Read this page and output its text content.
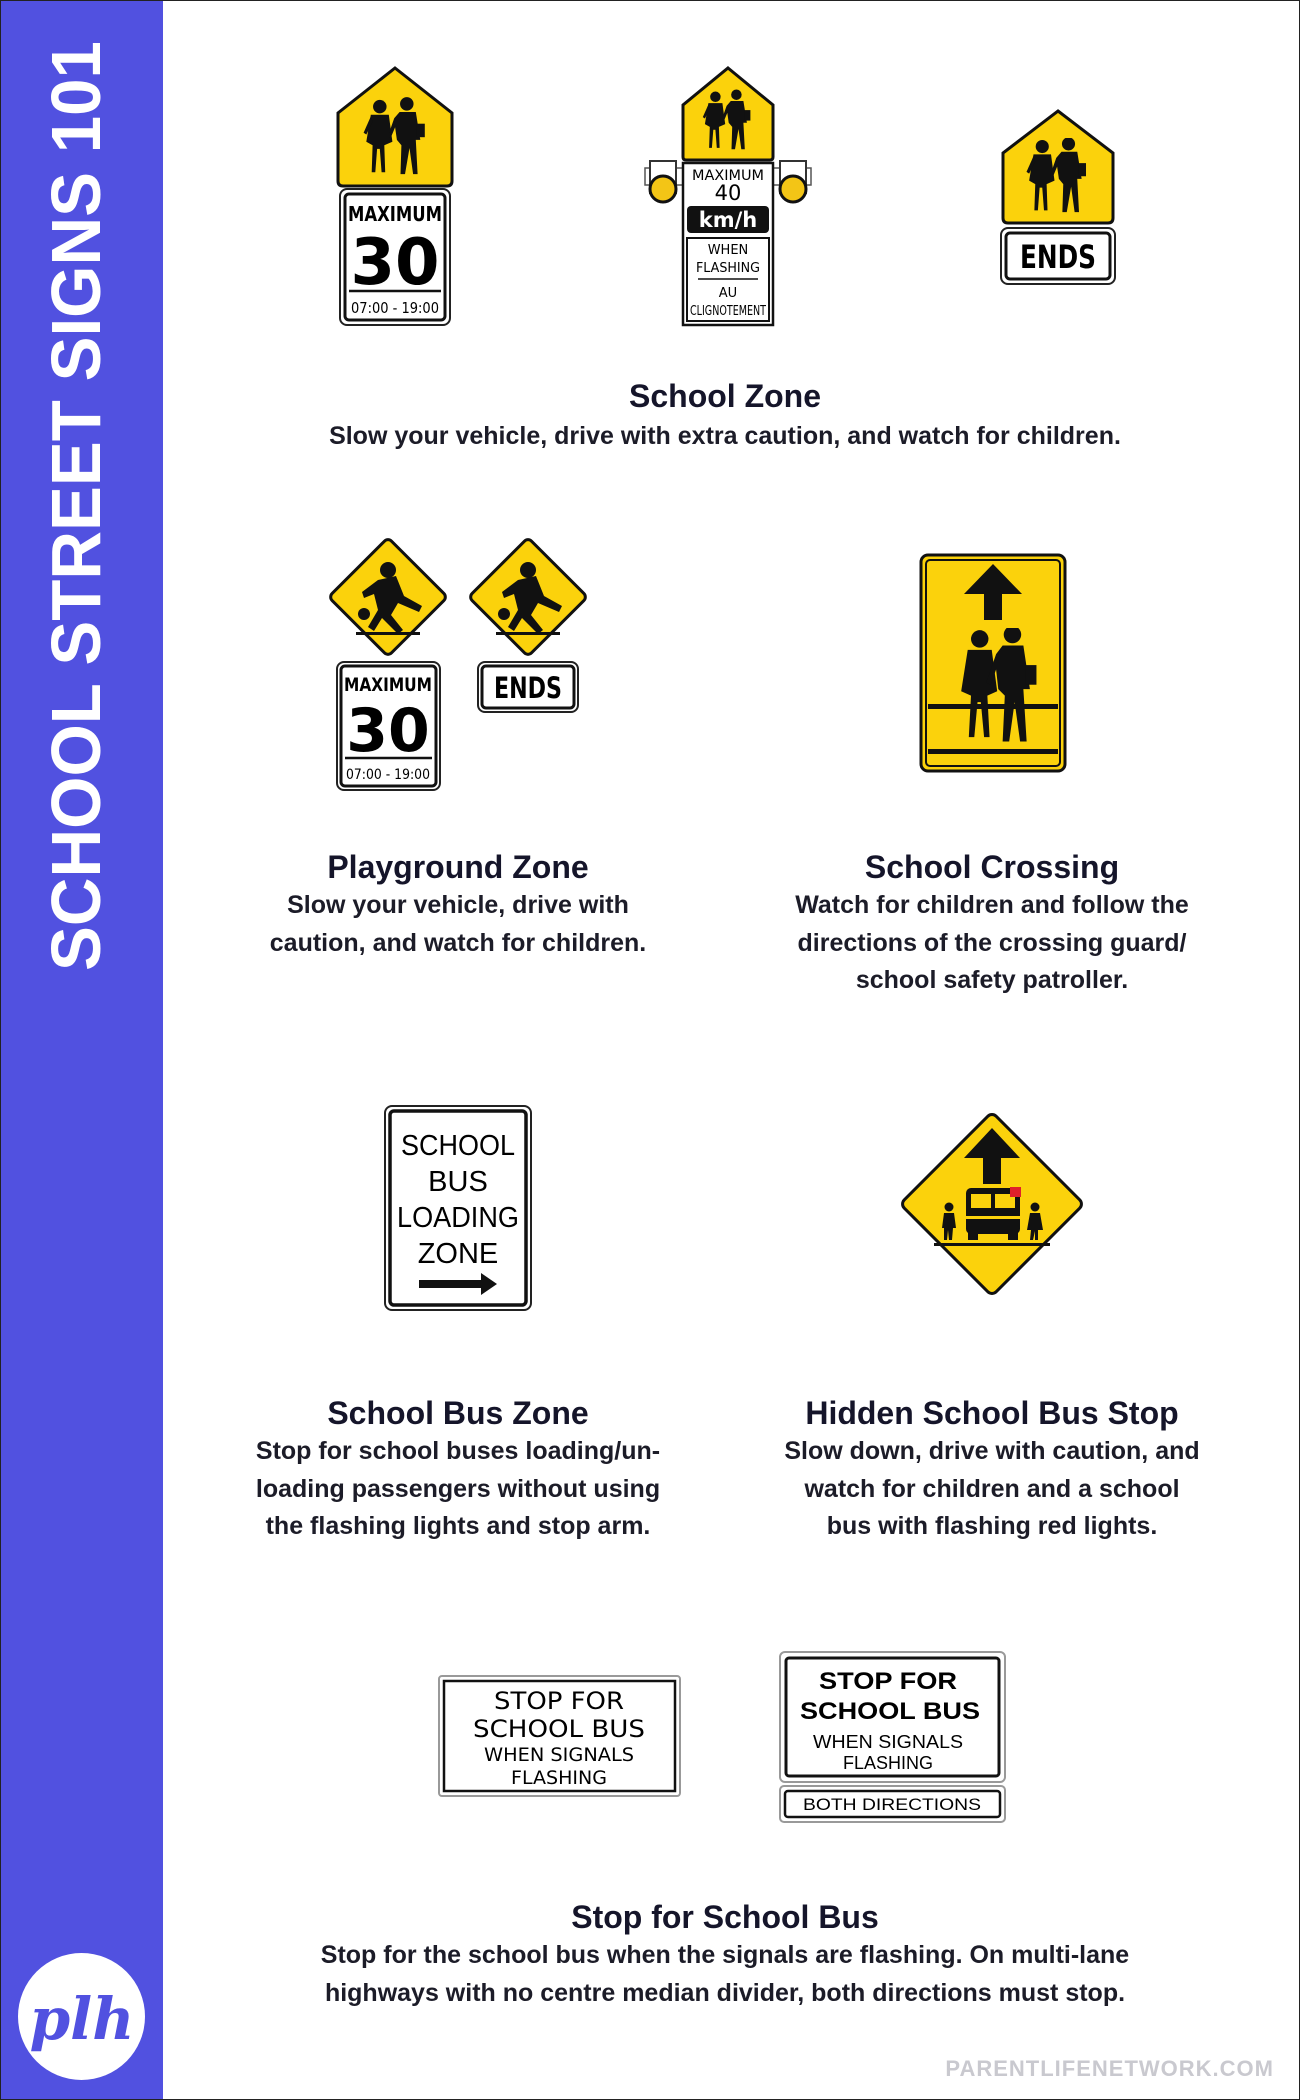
SCHOOL STREET SIGNS 101
plh
MAXIMUM
30
07:00 - 19:00
MAXIMUM
40
km/h
WHEN
FLASHING
AU
CLIGNOTEMENT
ENDS

School Zone

Slow your vehicle, drive with extra caution, and watch for children.
MAXIMUM
30
07:00 - 19:00
ENDS

Playground Zone

Slow your vehicle, drive with
caution, and watch for children.

School Crossing

Watch for children and follow the
directions of the crossing guard/
school safety patroller.
SCHOOL
BUS
LOADING
ZONE

School Bus Zone

Stop for school buses loading/un-
loading passengers without using
the flashing lights and stop arm.

Hidden School Bus Stop

Slow down, drive with caution, and
watch for children and a school
bus with flashing red lights.
STOP FOR
SCHOOL BUS
WHEN SIGNALS
FLASHING
STOP FOR
SCHOOL BUS
WHEN SIGNALS
FLASHING
BOTH DIRECTIONS

Stop for School Bus

Stop for the school bus when the signals are flashing. On multi-lane
highways with no centre median divider, both directions must stop.
PARENTLIFENETWORK.COM
